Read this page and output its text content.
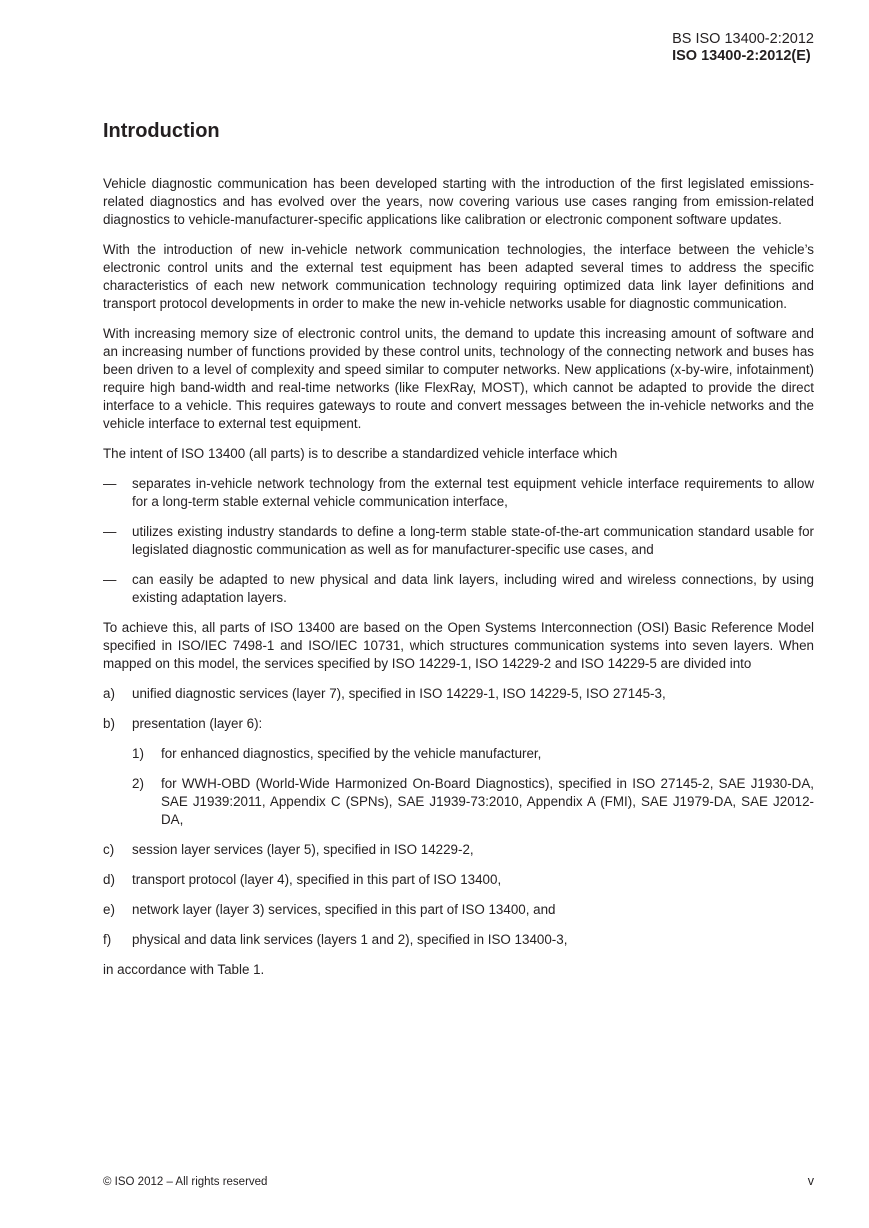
BS ISO 13400-2:2012
ISO 13400-2:2012(E)
Introduction

Vehicle diagnostic communication has been developed starting with the introduction of the first legislated emissions-related diagnostics and has evolved over the years, now covering various use cases ranging from emission-related diagnostics to vehicle-manufacturer-specific applications like calibration or electronic component software updates.

With the introduction of new in-vehicle network communication technologies, the interface between the vehicle’s electronic control units and the external test equipment has been adapted several times to address the specific characteristics of each new network communication technology requiring optimized data link layer definitions and transport protocol developments in order to make the new in-vehicle networks usable for diagnostic communication.

With increasing memory size of electronic control units, the demand to update this increasing amount of software and an increasing number of functions provided by these control units, technology of the connecting network and buses has been driven to a level of complexity and speed similar to computer networks. New applications (x-by-wire, infotainment) require high band-width and real-time networks (like FlexRay, MOST), which cannot be adapted to provide the direct interface to a vehicle. This requires gateways to route and convert messages between the in-vehicle networks and the vehicle interface to external test equipment.

The intent of ISO 13400 (all parts) is to describe a standardized vehicle interface which

—	separates in-vehicle network technology from the external test equipment vehicle interface requirements to allow for a long-term stable external vehicle communication interface,
—	utilizes existing industry standards to define a long-term stable state-of-the-art communication standard usable for legislated diagnostic communication as well as for manufacturer-specific use cases, and
—	can easily be adapted to new physical and data link layers, including wired and wireless connections, by using existing adaptation layers.

To achieve this, all parts of ISO 13400 are based on the Open Systems Interconnection (OSI) Basic Reference Model specified in ISO/IEC 7498-1 and ISO/IEC 10731, which structures communication systems into seven layers. When mapped on this model, the services specified by ISO 14229-1, ISO 14229-2 and ISO 14229-5 are divided into

a)	unified diagnostic services (layer 7), specified in ISO 14229-1, ISO 14229-5, ISO 27145-3,
b)	presentation (layer 6):
1)	for enhanced diagnostics, specified by the vehicle manufacturer,
2)	for WWH-OBD (World-Wide Harmonized On-Board Diagnostics), specified in ISO 27145-2, SAE J1930-DA, SAE J1939:2011, Appendix C (SPNs), SAE J1939-73:2010, Appendix A (FMI), SAE J1979-DA, SAE J2012-DA,
c)	session layer services (layer 5), specified in ISO 14229-2,
d)	transport protocol (layer 4), specified in this part of ISO 13400,
e)	network layer (layer 3) services, specified in this part of ISO 13400, and
f)	physical and data link services (layers 1 and 2), specified in ISO 13400-3,

in accordance with Table 1.

© ISO 2012 – All rights reserved	v
